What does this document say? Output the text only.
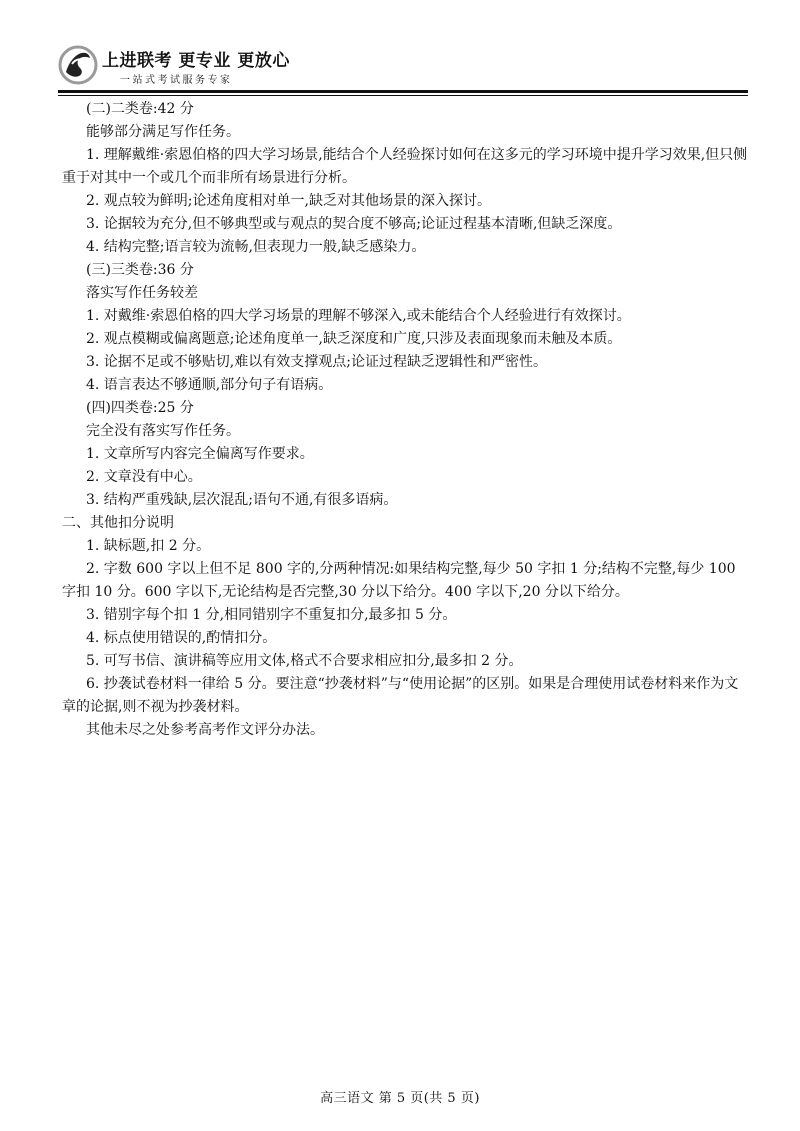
上进联考 更专业 更放心
一站式考试服务专家

(二)二类卷:42 分

能够部分满足写作任务。

1. 理解戴维·索恩伯格的四大学习场景,能结合个人经验探讨如何在这多元的学习环境中提升学习效果,但只侧重于对其中一个或几个而非所有场景进行分析。

2. 观点较为鲜明;论述角度相对单一,缺乏对其他场景的深入探讨。

3. 论据较为充分,但不够典型或与观点的契合度不够高;论证过程基本清晰,但缺乏深度。

4. 结构完整;语言较为流畅,但表现力一般,缺乏感染力。

(三)三类卷:36 分

落实写作任务较差

1. 对戴维·索恩伯格的四大学习场景的理解不够深入,或未能结合个人经验进行有效探讨。

2. 观点模糊或偏离题意;论述角度单一,缺乏深度和广度,只涉及表面现象而未触及本质。

3. 论据不足或不够贴切,难以有效支撑观点;论证过程缺乏逻辑性和严密性。

4. 语言表达不够通顺,部分句子有语病。

(四)四类卷:25 分

完全没有落实写作任务。

1. 文章所写内容完全偏离写作要求。

2. 文章没有中心。

3. 结构严重残缺,层次混乱;语句不通,有很多语病。

二、其他扣分说明

1. 缺标题,扣 2 分。

2. 字数 600 字以上但不足 800 字的,分两种情况:如果结构完整,每少 50 字扣 1 分;结构不完整,每少 100 字扣 10 分。600 字以下,无论结构是否完整,30 分以下给分。400 字以下,20 分以下给分。

3. 错别字每个扣 1 分,相同错别字不重复扣分,最多扣 5 分。

4. 标点使用错误的,酌情扣分。

5. 可写书信、演讲稿等应用文体,格式不合要求相应扣分,最多扣 2 分。

6. 抄袭试卷材料一律给 5 分。要注意“抄袭材料”与“使用论据”的区别。如果是合理使用试卷材料来作为文章的论据,则不视为抄袭材料。

其他未尽之处参考高考作文评分办法。

高三语文 第 5 页(共 5 页)
